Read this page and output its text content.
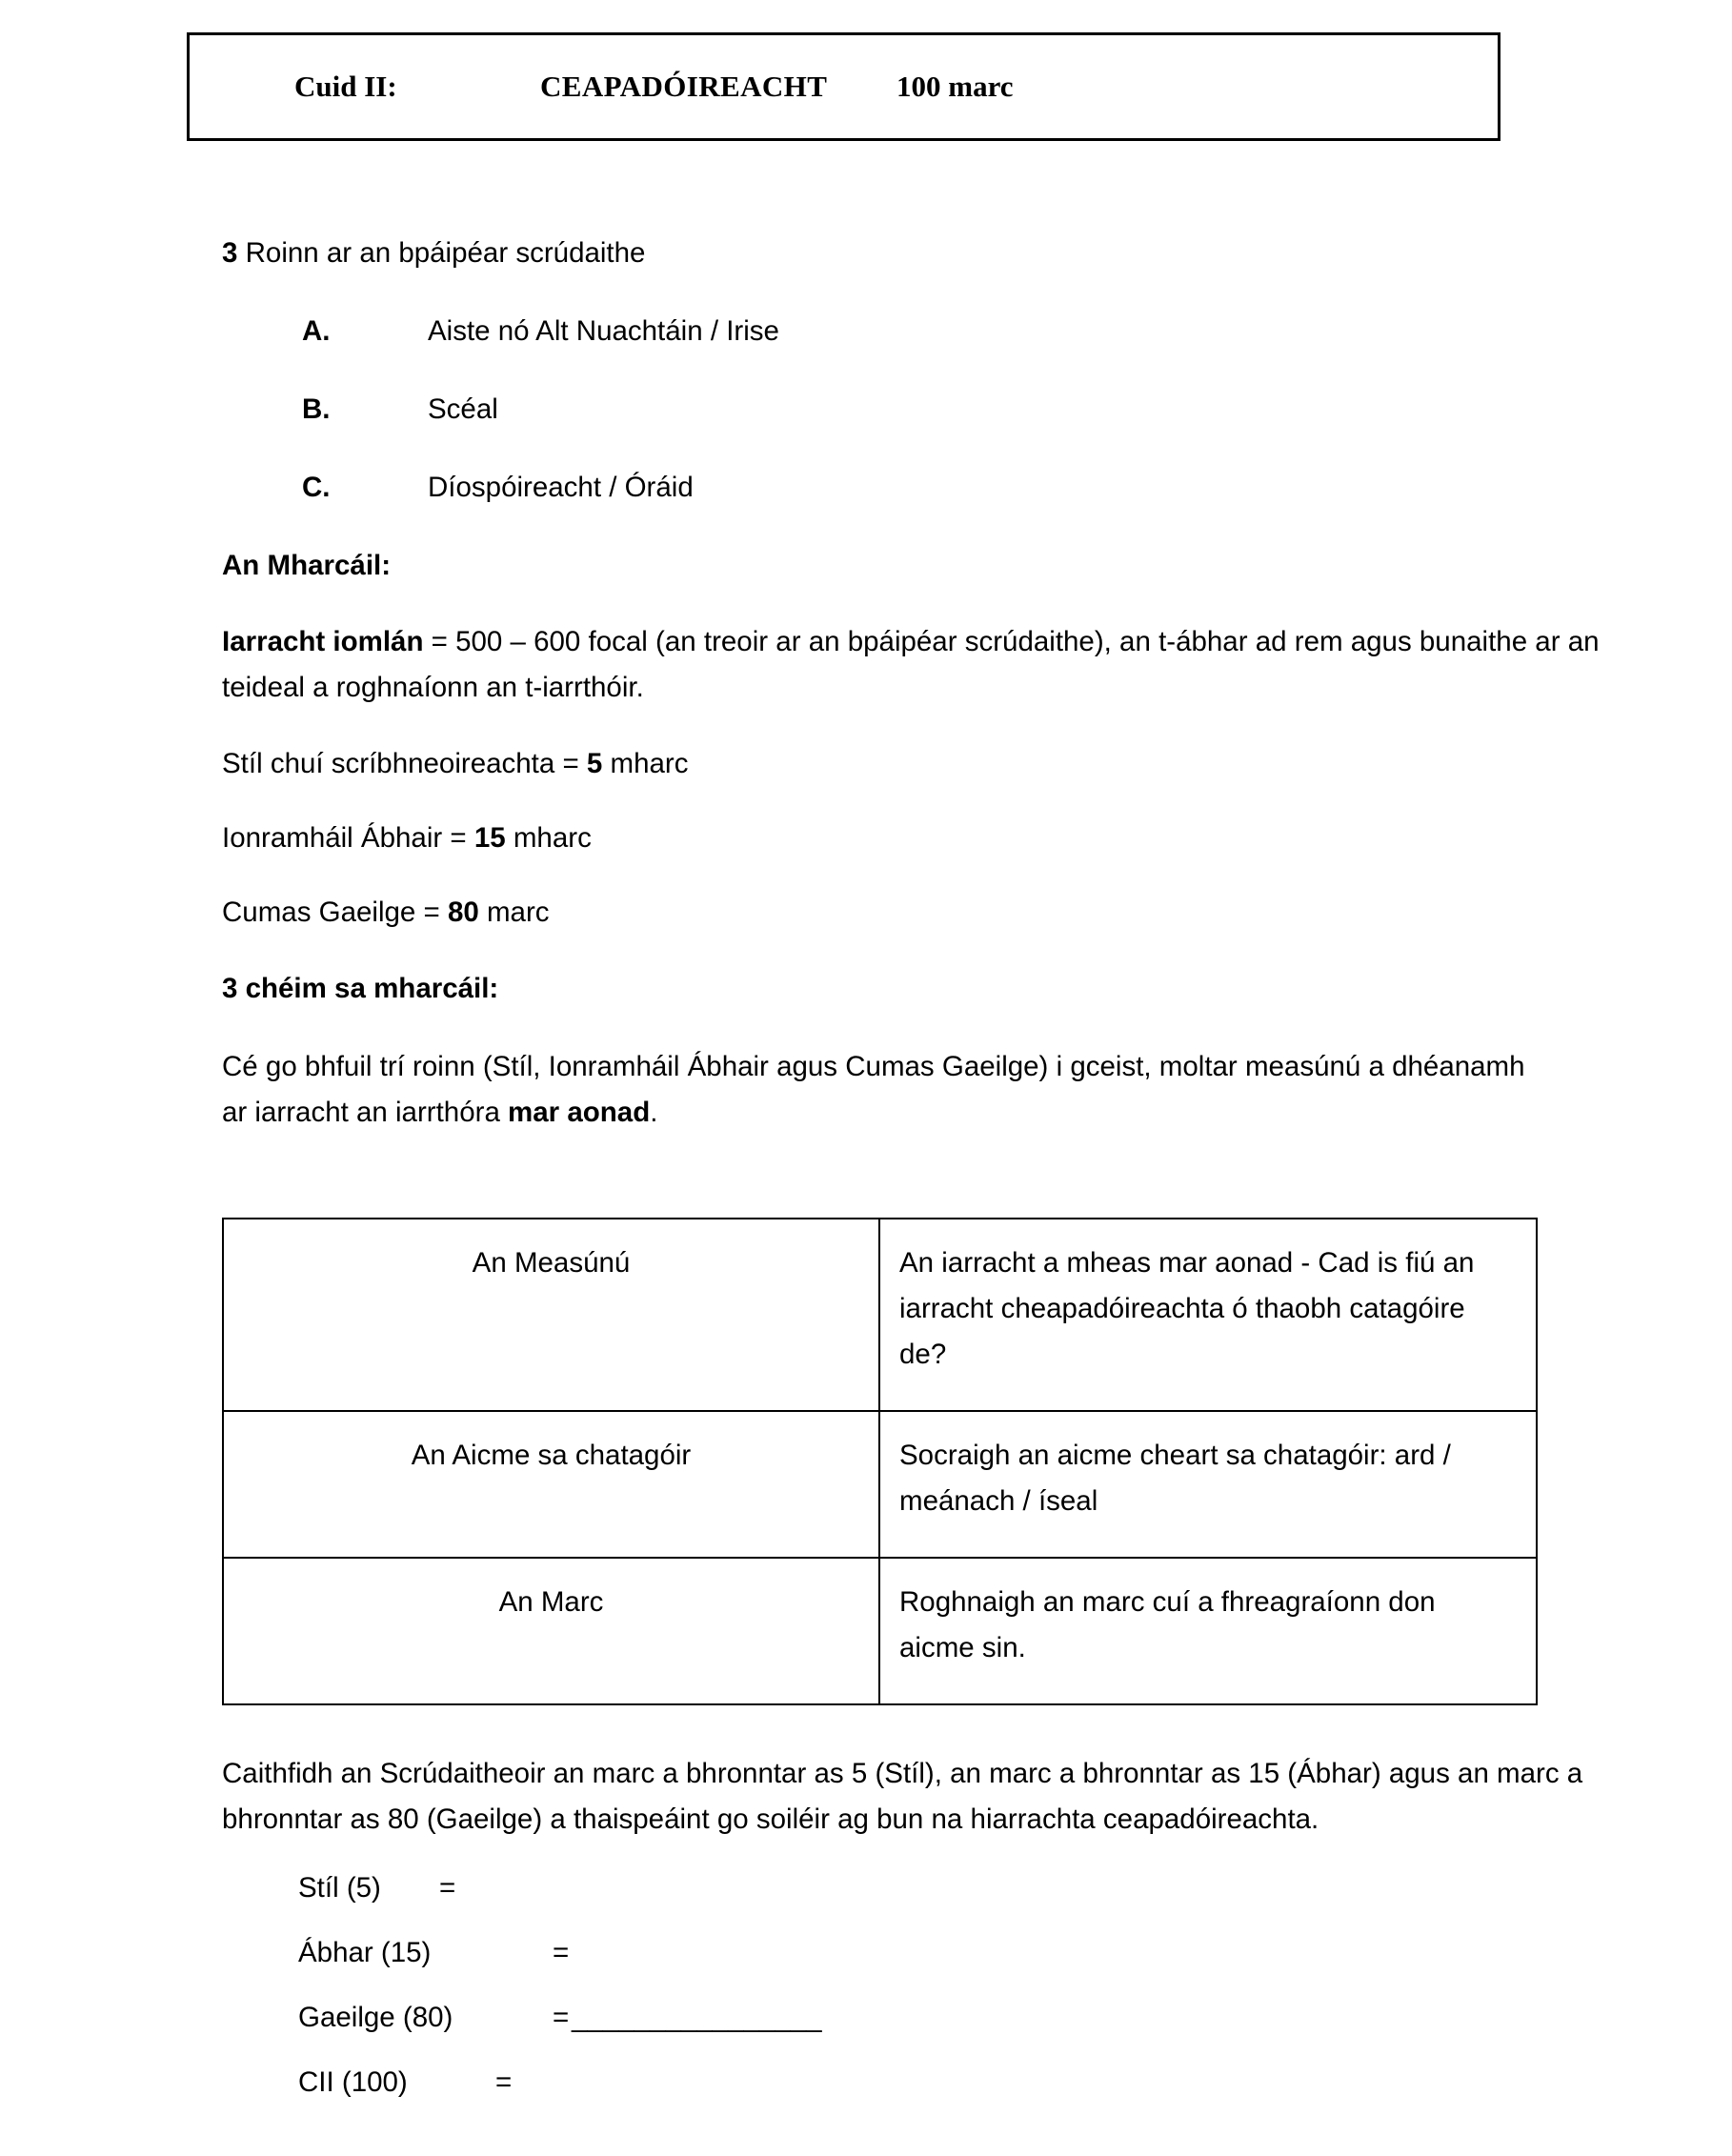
Cuid II:	CEAPADÓIREACHT 100 marc
3 Roinn ar an bpáipéar scrúdaithe
A.	Aiste nó Alt Nuachtáin / Irise
B.	Scéal
C.	Díospóireacht / Óráid
An Mharcáil:
Iarracht iomlán = 500 – 600 focal (an treoir ar an bpáipéar scrúdaithe), an t-ábhar ad rem agus bunaithe ar an teideal a roghnaíonn an t-iarrthóir.
Stíl chuí scríbhneoireachta = 5 mharc
Ionramháil Ábhair = 15 mharc
Cumas Gaeilge = 80 marc
3 chéim sa mharcáil:
Cé go bhfuil trí roinn (Stíl, Ionramháil Ábhair agus Cumas Gaeilge) i gceist, moltar measúnú a dhéanamh ar iarracht an iarrthóra mar aonad.
An Measúnú	An iarracht a mheas mar aonad - Cad is fiú an iarracht cheapadóireachta ó thaobh catagóire de?
An Aicme sa chatagóir	Socraigh an aicme cheart sa chatagóir: ard / meánach / íseal
An Marc	Roghnaigh an marc cuí a fhreagraíonn don aicme sin.
Caithfidh an Scrúdaitheoir an marc a bhronntar as 5 (Stíl), an marc a bhronntar as 15 (Ábhar) agus an marc a bhronntar as 80 (Gaeilge) a thaispeáint go soiléir ag bun na hiarrachta ceapadóireachta.
Stíl (5) =
Ábhar (15)	=
Gaeilge (80)	= ________________
CII (100)	=
